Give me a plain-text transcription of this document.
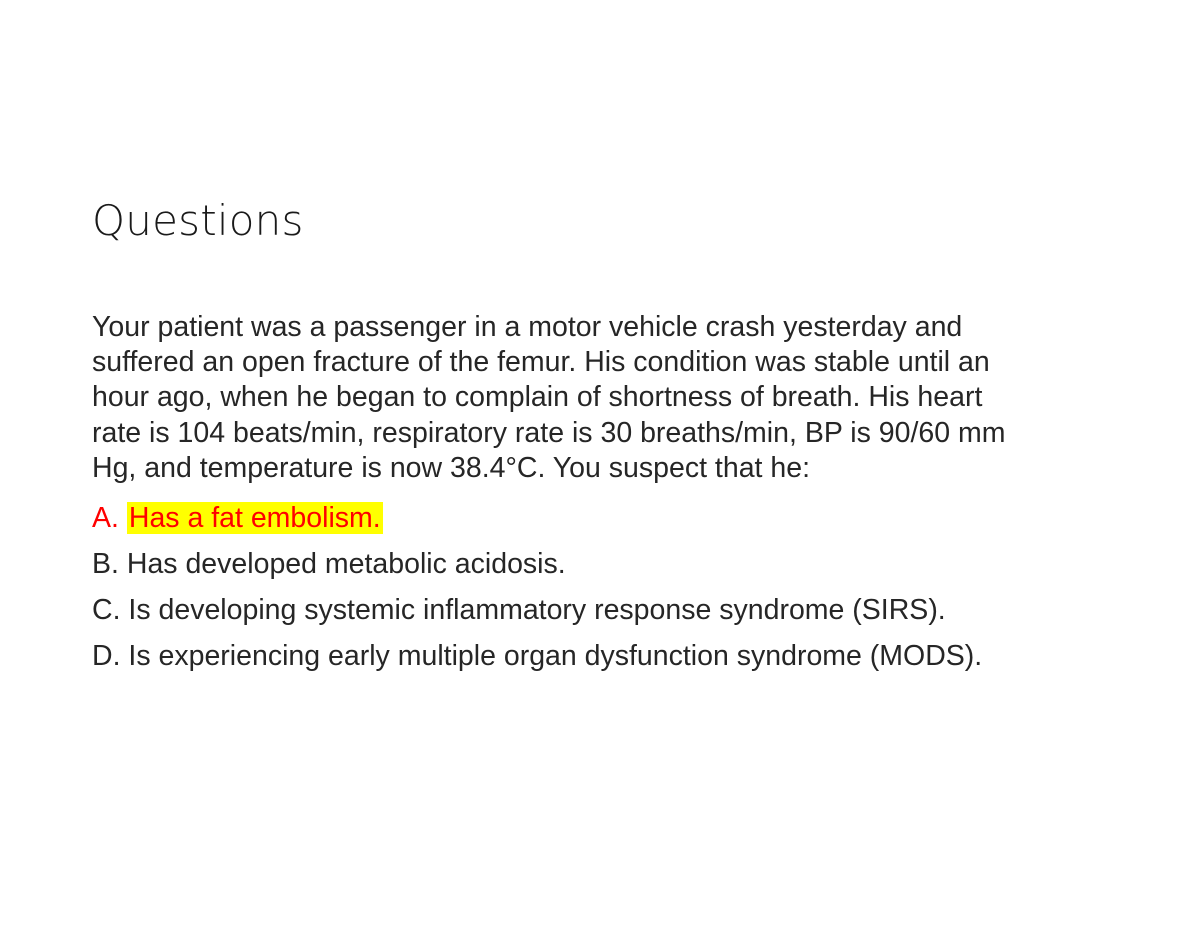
Questions

Your patient was a passenger in a motor vehicle crash yesterday and
suffered an open fracture of the femur. His condition was stable until an
hour ago, when he began to complain of shortness of breath. His heart
rate is 104 beats/min, respiratory rate is 30 breaths/min, BP is 90/60 mm
Hg, and temperature is now 38.4°C. You suspect that he:

A. Has a fat embolism.
B. Has developed metabolic acidosis.
C. Is developing systemic inflammatory response syndrome (SIRS).
D. Is experiencing early multiple organ dysfunction syndrome (MODS).
